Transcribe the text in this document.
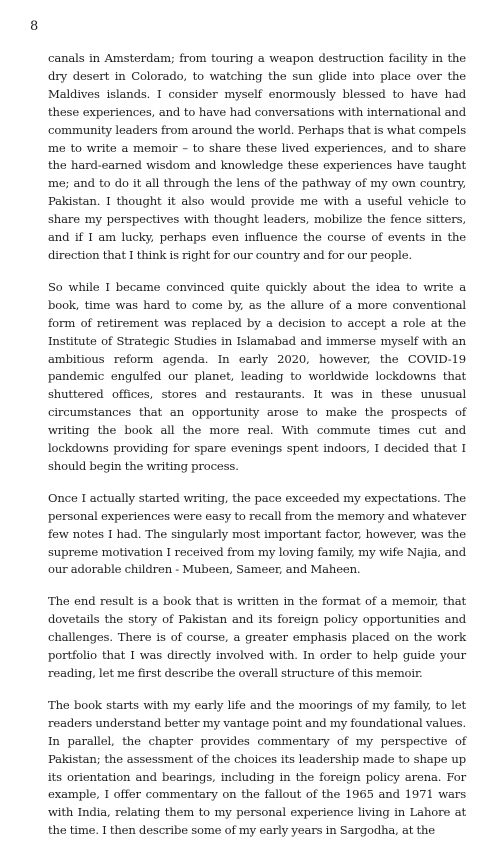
8

canals in Amsterdam; from touring a weapon destruction facility in the dry desert in Colorado, to watching the sun glide into place over the Maldives islands. I consider myself enormously blessed to have had these experiences, and to have had conversations with international and community leaders from around the world. Perhaps that is what compels me to write a memoir – to share these lived experiences, and to share the hard-earned wisdom and knowledge these experiences have taught me; and to do it all through the lens of the pathway of my own country, Pakistan. I thought it also would provide me with a useful vehicle to share my perspectives with thought leaders, mobilize the fence sitters, and if I am lucky, perhaps even influence the course of events in the direction that I think is right for our country and for our people.

So while I became convinced quite quickly about the idea to write a book, time was hard to come by, as the allure of a more conventional form of retirement was replaced by a decision to accept a role at the Institute of Strategic Studies in Islamabad and immerse myself with an ambitious reform agenda. In early 2020, however, the COVID-19 pandemic engulfed our planet, leading to worldwide lockdowns that shuttered offices, stores and restaurants. It was in these unusual circumstances that an opportunity arose to make the prospects of writing the book all the more real. With commute times cut and lockdowns providing for spare evenings spent indoors, I decided that I should begin the writing process.

Once I actually started writing, the pace exceeded my expectations. The personal experiences were easy to recall from the memory and whatever few notes I had. The singularly most important factor, however, was the supreme motivation I received from my loving family, my wife Najia, and our adorable children - Mubeen, Sameer, and Maheen.

The end result is a book that is written in the format of a memoir, that dovetails the story of Pakistan and its foreign policy opportunities and challenges. There is of course, a greater emphasis placed on the work portfolio that I was directly involved with. In order to help guide your reading, let me first describe the overall structure of this memoir.

The book starts with my early life and the moorings of my family, to let readers understand better my vantage point and my foundational values. In parallel, the chapter provides commentary of my perspective of Pakistan; the assessment of the choices its leadership made to shape up its orientation and bearings, including in the foreign policy arena. For example, I offer commentary on the fallout of the 1965 and 1971 wars with India, relating them to my personal experience living in Lahore at the time. I then describe some of my early years in Sargodha, at the
